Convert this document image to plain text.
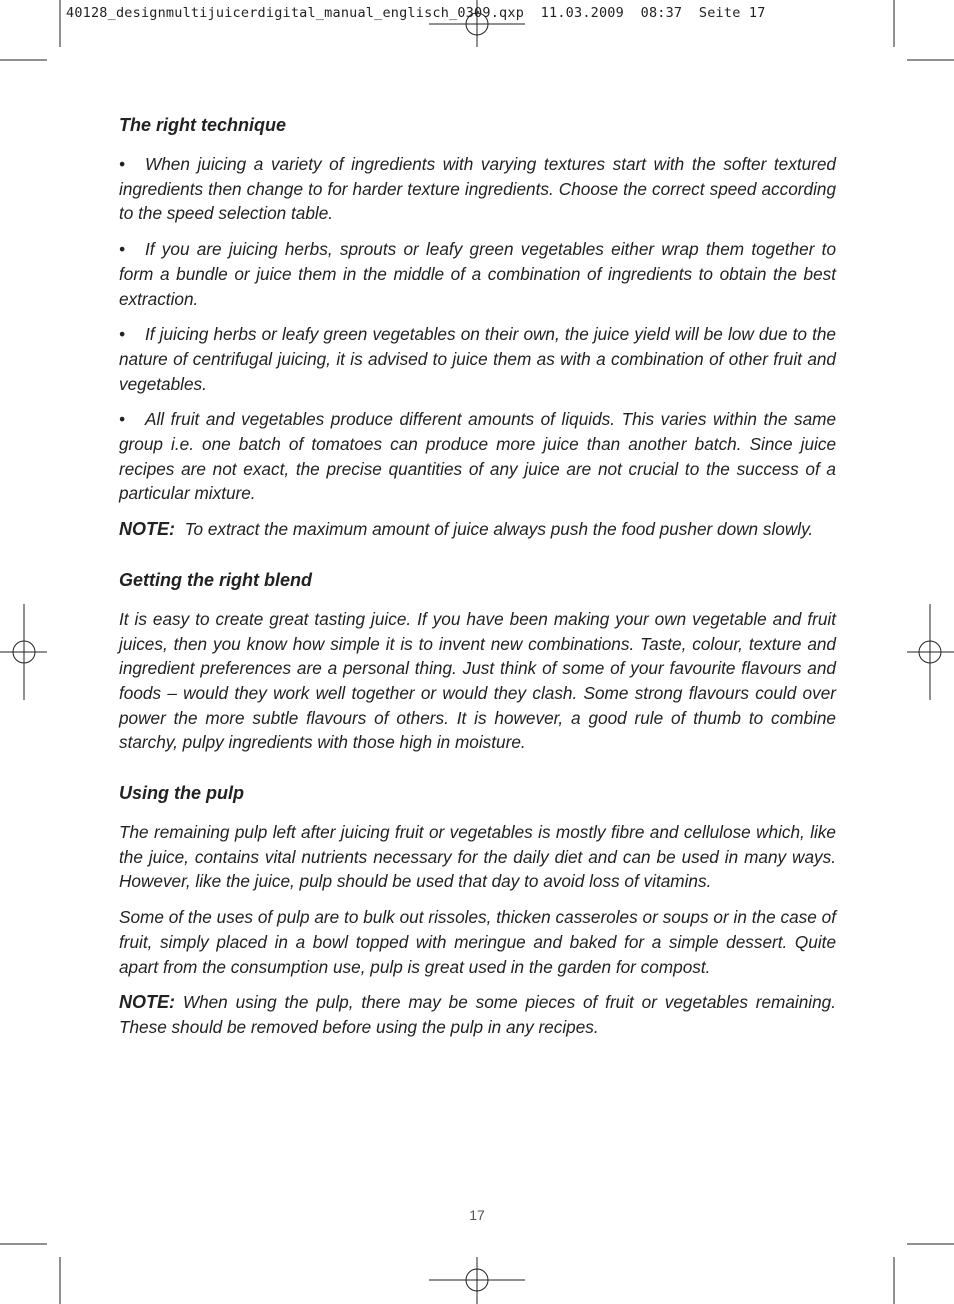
40128_designmultijuicerdigital_manual_englisch_0309.qxp  11.03.2009  08:37  Seite 17
The right technique
• When juicing a variety of ingredients with varying textures start with the softer textured ingredients then change to for harder texture ingredients. Choose the correct speed according to the speed selection table.
• If you are juicing herbs, sprouts or leafy green vegetables either wrap them together to form a bundle or juice them in the middle of a combination of ingredients to obtain the best extraction.
• If juicing herbs or leafy green vegetables on their own, the juice yield will be low due to the nature of centrifugal juicing, it is advised to juice them as with a combination of other fruit and vegetables.
• All fruit and vegetables produce different amounts of liquids. This varies within the same group i.e. one batch of tomatoes can produce more juice than another batch. Since juice recipes are not exact, the precise quantities of any juice are not crucial to the success of a particular mixture.
NOTE: To extract the maximum amount of juice always push the food pusher down slowly.
Getting the right blend
It is easy to create great tasting juice. If you have been making your own vegetable and fruit juices, then you know how simple it is to invent new combinations. Taste, colour, texture and ingredient preferences are a personal thing. Just think of some of your favourite flavours and foods – would they work well together or would they clash. Some strong flavours could over power the more subtle flavours of others. It is however, a good rule of thumb to combine starchy, pulpy ingredients with those high in moisture.
Using the pulp
The remaining pulp left after juicing fruit or vegetables is mostly fibre and cellulose which, like the juice, contains vital nutrients necessary for the daily diet and can be used in many ways. However, like the juice, pulp should be used that day to avoid loss of vitamins.
Some of the uses of pulp are to bulk out rissoles, thicken casseroles or soups or in the case of fruit, simply placed in a bowl topped with meringue and baked for a simple dessert. Quite apart from the consumption use, pulp is great used in the garden for compost.
NOTE: When using the pulp, there may be some pieces of fruit or vegetables remaining. These should be removed before using the pulp in any recipes.
17
